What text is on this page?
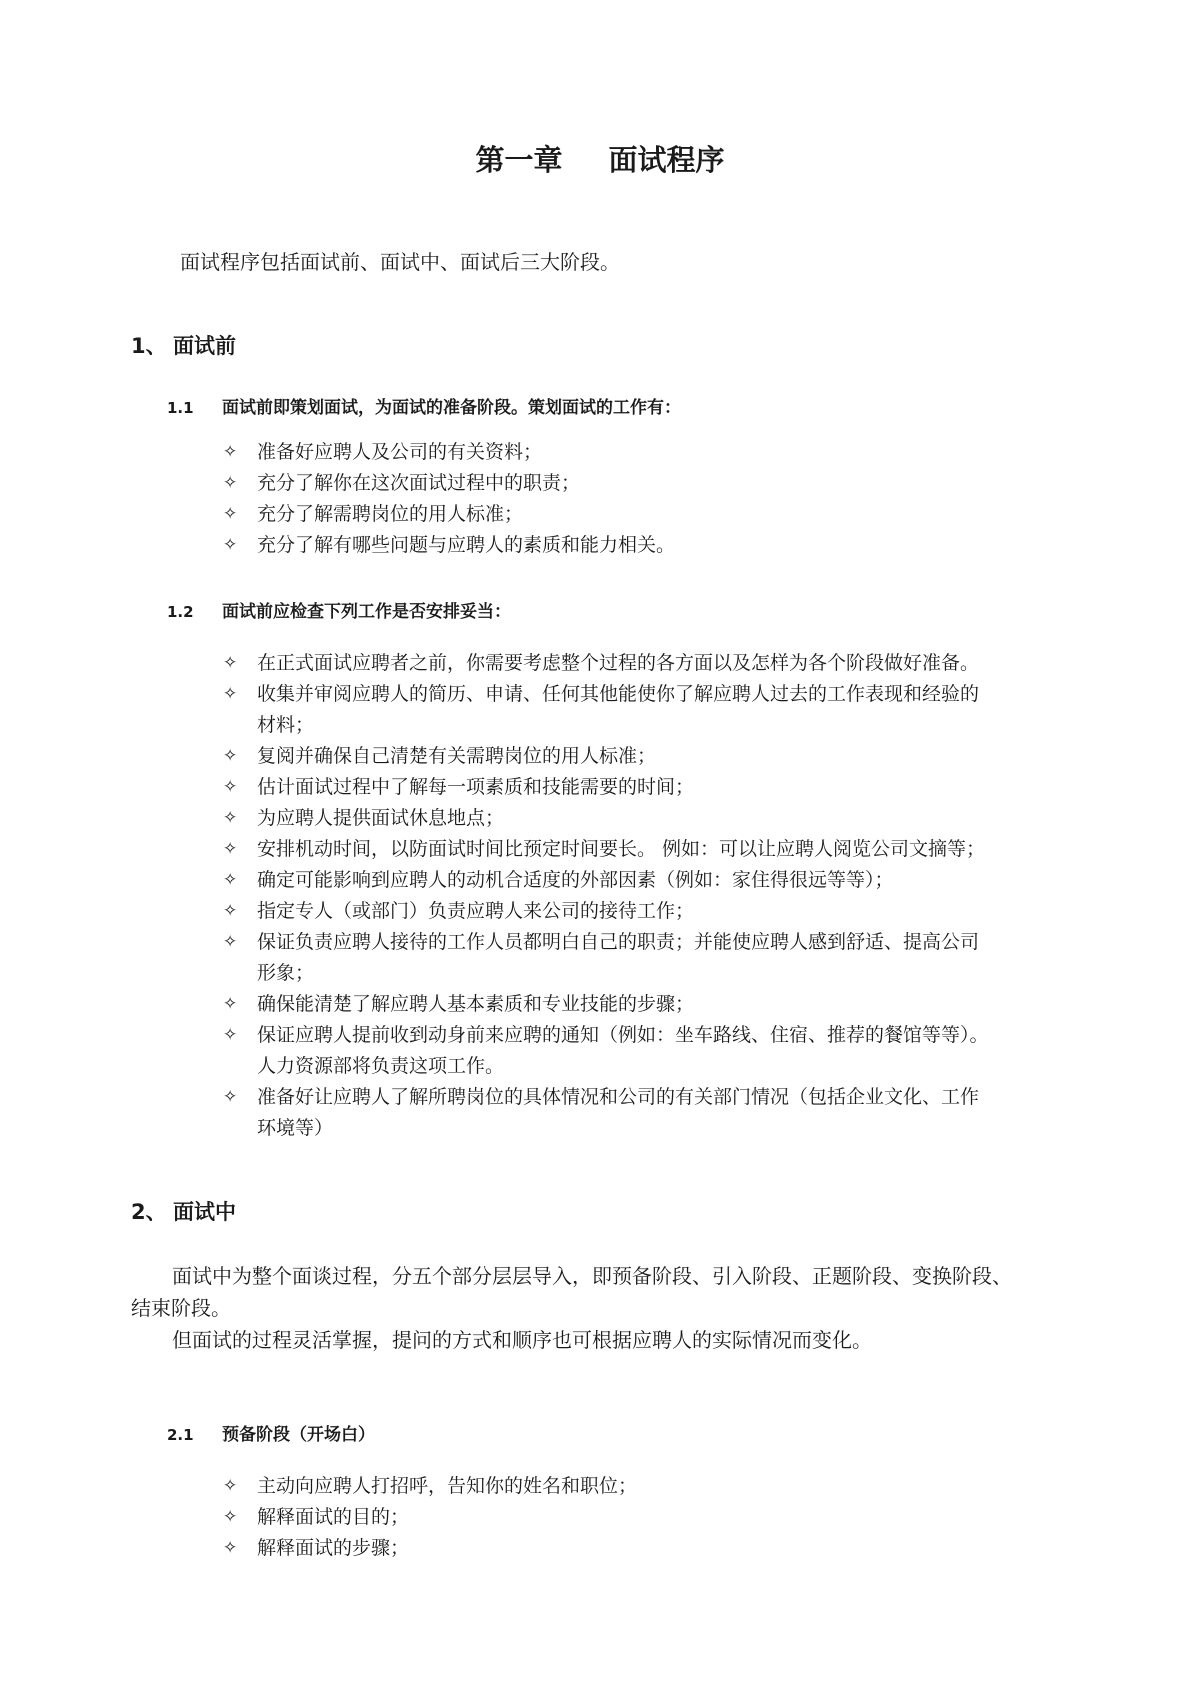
第一章 面试程序
面试程序包括面试前、面试中、面试后三大阶段。
1、 面试前
1.1 面试前即策划面试，为面试的准备阶段。策划面试的工作有：
✧ 准备好应聘人及公司的有关资料；
✧ 充分了解你在这次面试过程中的职责；
✧ 充分了解需聘岗位的用人标准；
✧ 充分了解有哪些问题与应聘人的素质和能力相关。
1.2 面试前应检查下列工作是否安排妥当：
✧ 在正式面试应聘者之前，你需要考虑整个过程的各方面以及怎样为各个阶段做好准备。
✧ 收集并审阅应聘人的简历、申请、任何其他能使你了解应聘人过去的工作表现和经验的
材料；
✧ 复阅并确保自己清楚有关需聘岗位的用人标准；
✧ 估计面试过程中了解每一项素质和技能需要的时间；
✧ 为应聘人提供面试休息地点；
✧ 安排机动时间，以防面试时间比预定时间要长。 例如：可以让应聘人阅览公司文摘等；
✧ 确定可能影响到应聘人的动机合适度的外部因素（例如：家住得很远等等）；
✧ 指定专人（或部门）负责应聘人来公司的接待工作；
✧ 保证负责应聘人接待的工作人员都明白自己的职责；并能使应聘人感到舒适、提高公司
形象；
✧ 确保能清楚了解应聘人基本素质和专业技能的步骤；
✧ 保证应聘人提前收到动身前来应聘的通知（例如：坐车路线、住宿、推荐的餐馆等等）。
人力资源部将负责这项工作。
✧ 准备好让应聘人了解所聘岗位的具体情况和公司的有关部门情况（包括企业文化、工作
环境等）
2、 面试中
面试中为整个面谈过程，分五个部分层层导入，即预备阶段、引入阶段、正题阶段、变换阶段、
结束阶段。
但面试的过程灵活掌握，提问的方式和顺序也可根据应聘人的实际情况而变化。
2.1 预备阶段（开场白）
✧ 主动向应聘人打招呼，告知你的姓名和职位；
✧ 解释面试的目的；
✧ 解释面试的步骤；
